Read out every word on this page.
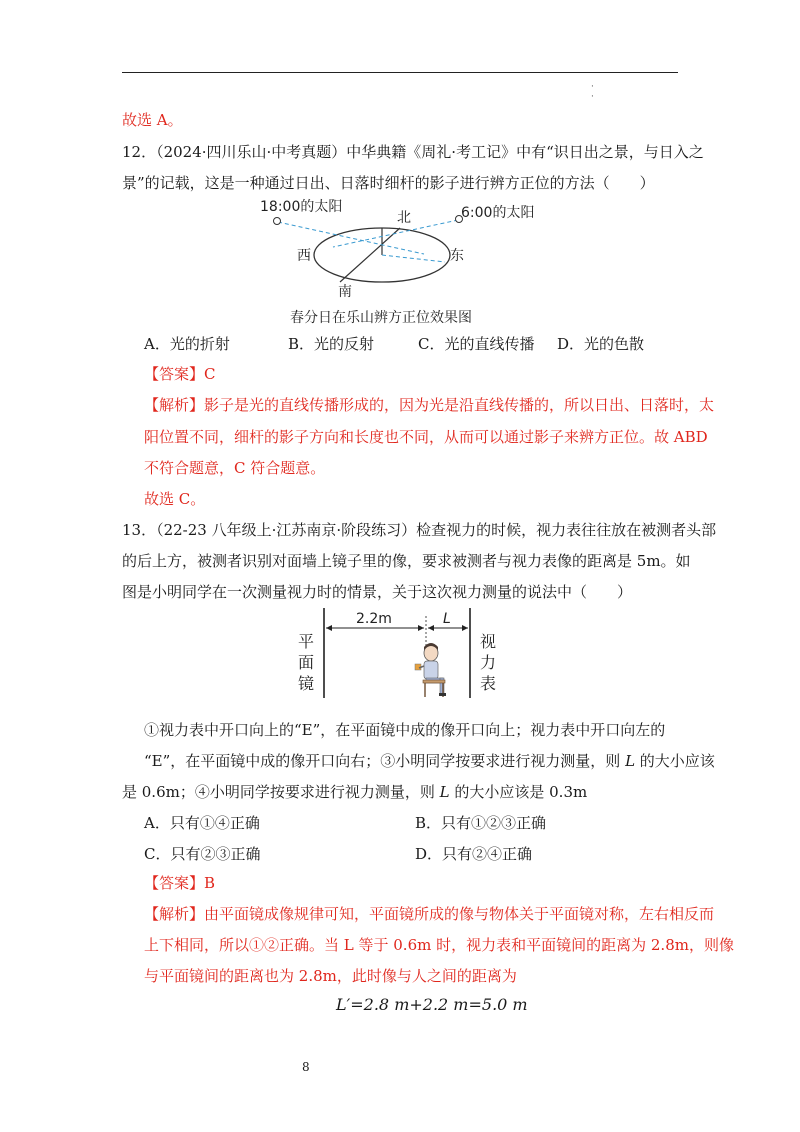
·
·
故选 A。
12．（2024·四川乐山·中考真题）中华典籍《周礼·考工记》中有“识日出之景，与日入之
景”的记载，这是一种通过日出、日落时细杆的影子进行辨方正位的方法（　　）
18:00的太阳	6:00的太阳
北
西	东
南
春分日在乐山辨方正位效果图
A．光的折射	B．光的反射	C．光的直线传播 D．光的色散
【答案】C
【解析】影子是光的直线传播形成的，因为光是沿直线传播的，所以日出、日落时，太
阳位置不同，细杆的影子方向和长度也不同，从而可以通过影子来辨方正位。故 ABD
不符合题意，C 符合题意。
故选 C。
13．（22-23 八年级上·江苏南京·阶段练习）检查视力的时候，视力表往往放在被测者头部
的后上方，被测者识别对面墙上镜子里的像，要求被测者与视力表像的距离是 5m。如
图是小明同学在一次测量视力时的情景，关于这次视力测量的说法中（　　）
2.2m	L
平
面
镜
视
力
表
①视力表中开口向上的“E”，在平面镜中成的像开口向上；视力表中开口向左的
“E”，在平面镜中成的像开口向右；③小明同学按要求进行视力测量，则 L 的大小应该
是 0.6m；④小明同学按要求进行视力测量，则 L 的大小应该是 0.3m
A．只有①④正确	B．只有①②③正确
C．只有②③正确	D．只有②④正确
【答案】B
【解析】由平面镜成像规律可知，平面镜所成的像与物体关于平面镜对称，左右相反而
上下相同，所以①②正确。当 L 等于 0.6m 时，视力表和平面镜间的距离为 2.8m，则像
与平面镜间的距离也为 2.8m，此时像与人之间的距离为
L′=2.8 m+2.2 m=5.0 m
8
